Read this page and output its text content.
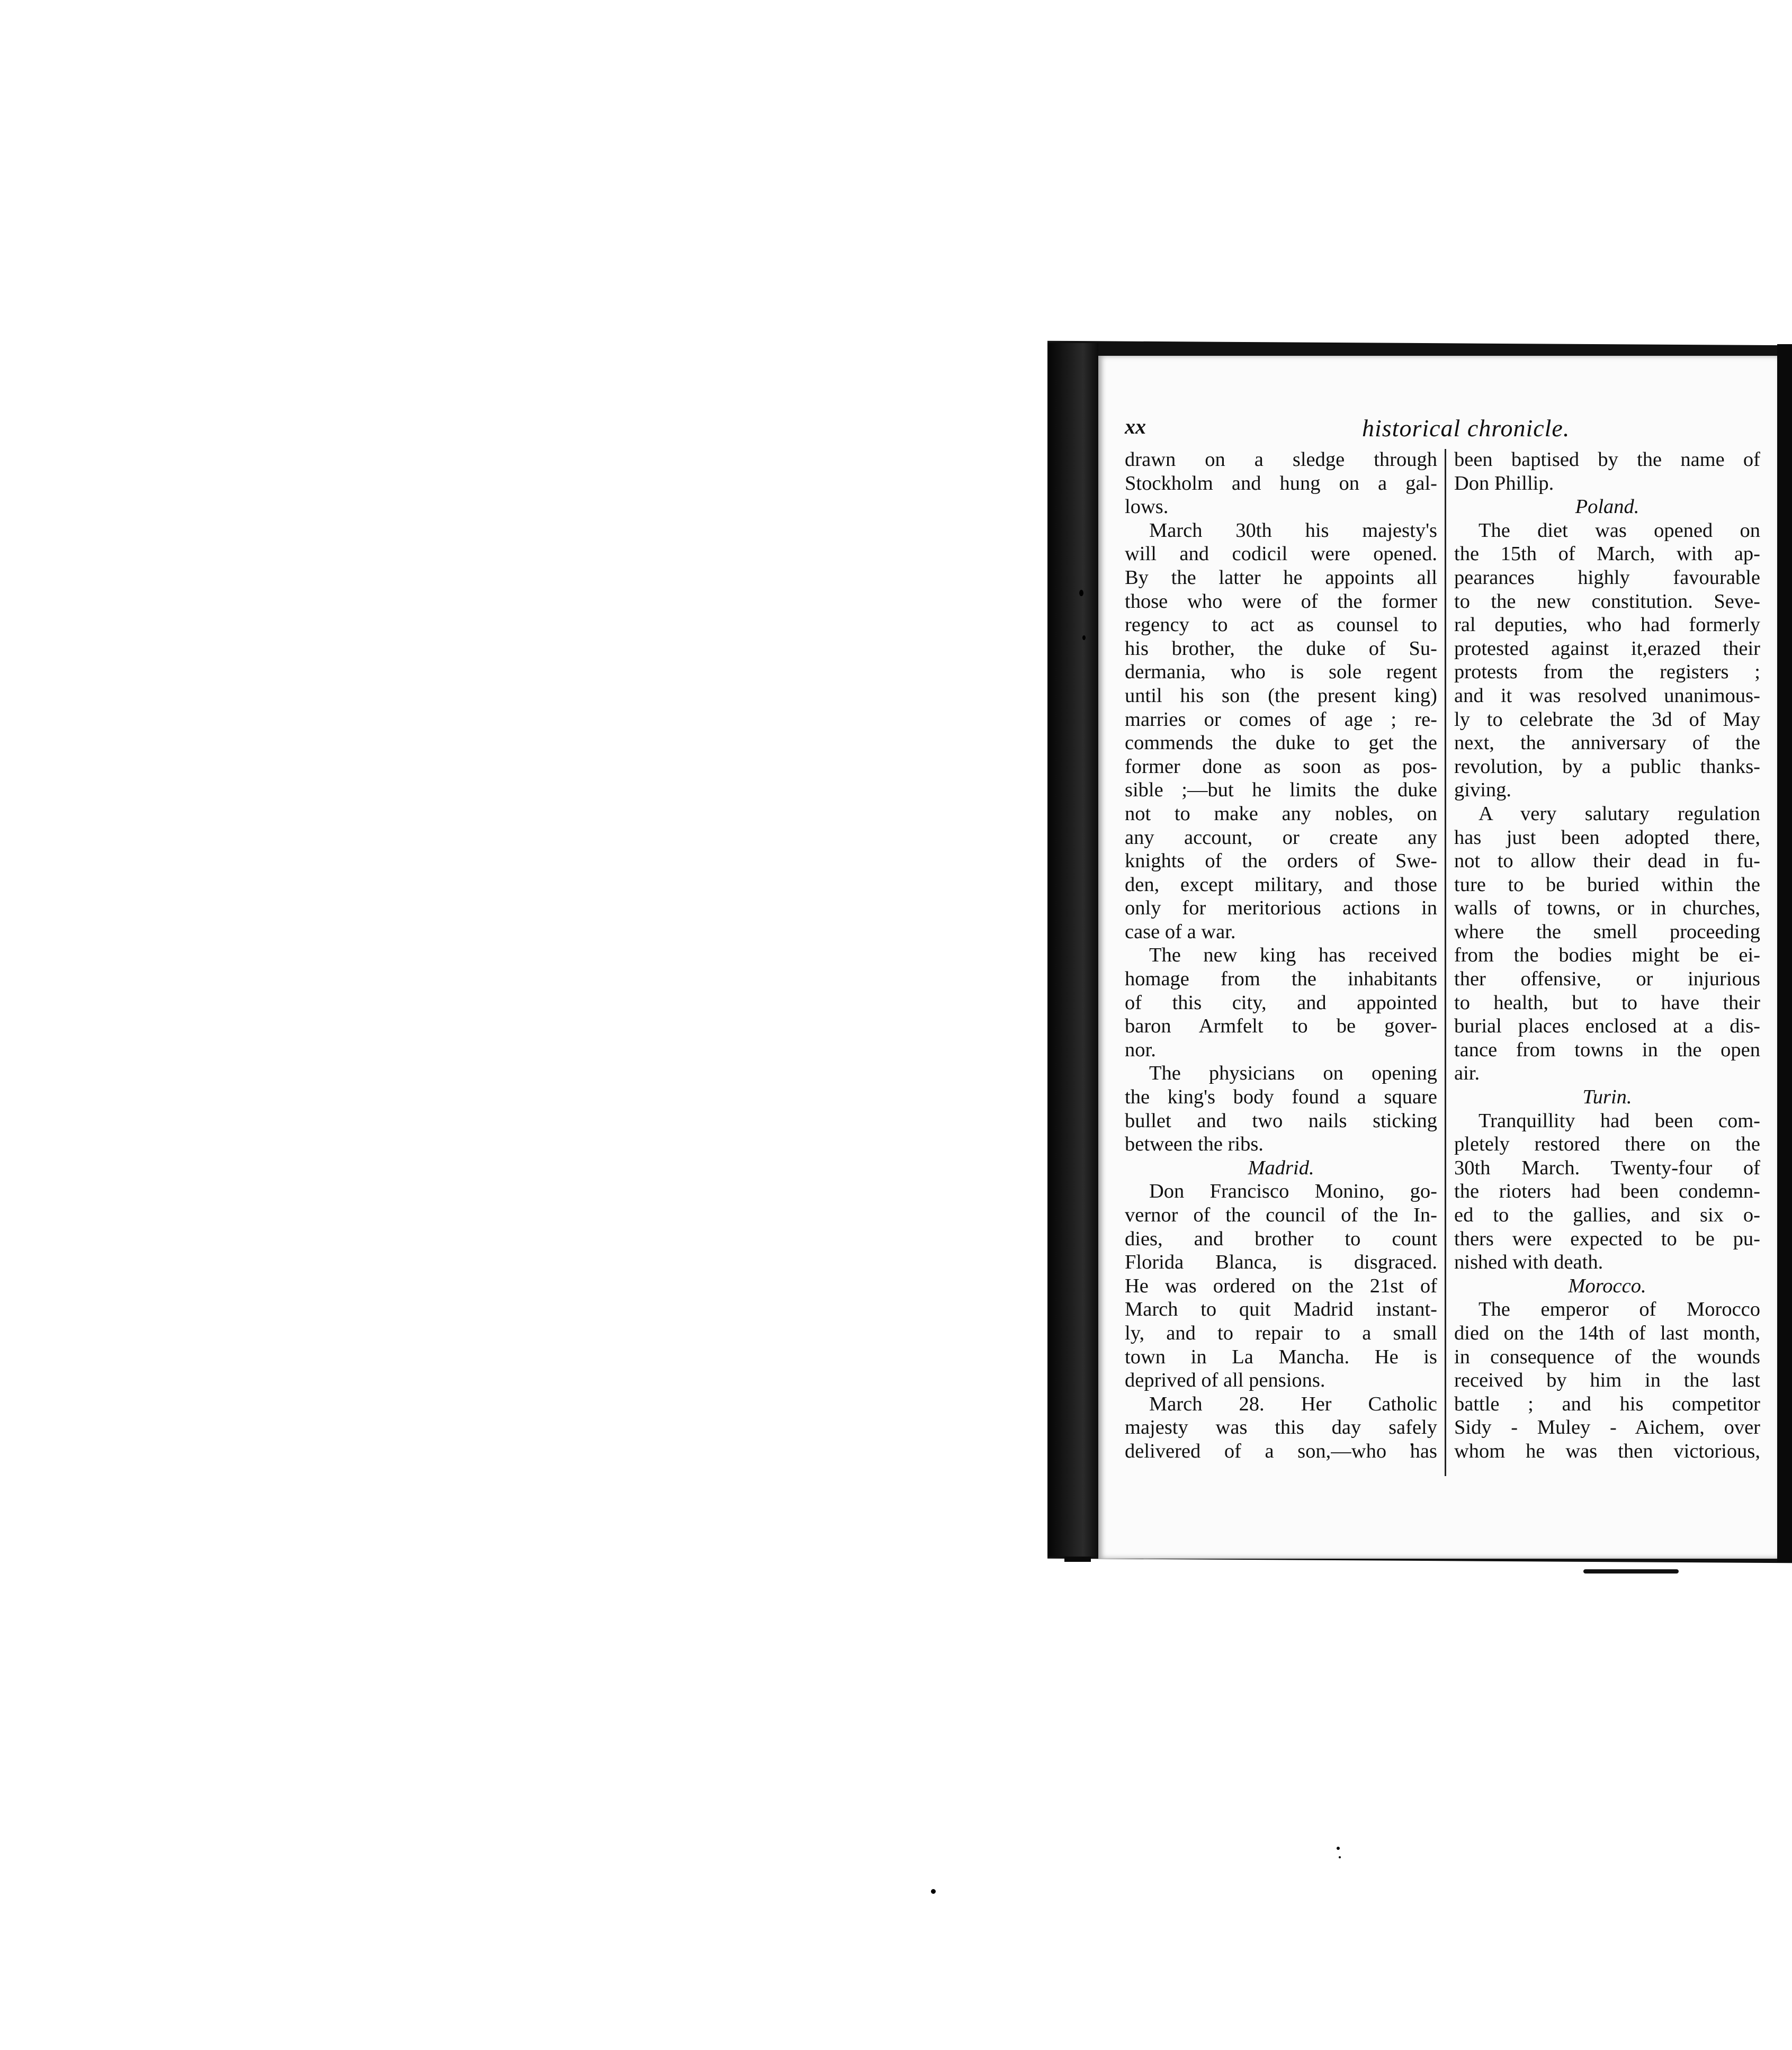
xx	historical chronicle.

drawn on a sledge through

Stockholm and hung on a gal-

lows.

March 30th his majesty's

will and codicil were opened.

By the latter he appoints all

those who were of the former

regency to act as counsel to

his brother, the duke of Su-

dermania, who is sole regent

until his son (the present king)

marries or comes of age ; re-

commends the duke to get the

former done as soon as pos-

sible ;—but he limits the duke

not to make any nobles, on

any account, or create any

knights of the orders of Swe-

den, except military, and those

only for meritorious actions in

case of a war.

The new king has received

homage from the inhabitants

of this city, and appointed

baron Armfelt to be gover-

nor.

The physicians on opening

the king's body found a square

bullet and two nails sticking

between the ribs.

Madrid.

Don Francisco Monino, go-

vernor of the council of the In-

dies, and brother to count

Florida Blanca, is disgraced.

He was ordered on the 21st of

March to quit Madrid instant-

ly, and to repair to a small

town in La Mancha. He is

deprived of all pensions.

March 28. Her Catholic

majesty was this day safely

delivered of a son,—who has

been baptised by the name of

Don Phillip.

Poland.

The diet was opened on

the 15th of March, with ap-

pearances highly favourable

to the new constitution. Seve-

ral deputies, who had formerly

protested against it,erazed their

protests from the registers ;

and it was resolved unanimous-

ly to celebrate the 3d of May

next, the anniversary of the

revolution, by a public thanks-

giving.

A very salutary regulation

has just been adopted there,

not to allow their dead in fu-

ture to be buried within the

walls of towns, or in churches,

where the smell proceeding

from the bodies might be ei-

ther offensive, or injurious

to health, but to have their

burial places enclosed at a dis-

tance from towns in the open

air.

Turin.

Tranquillity had been com-

pletely restored there on the

30th March. Twenty-four of

the rioters had been condemn-

ed to the gallies, and six o-

thers were expected to be pu-

nished with death.

Morocco.

The emperor of Morocco

died on the 14th of last month,

in consequence of the wounds

received by him in the last

battle ; and his competitor

Sidy - Muley - Aichem, over

whom he was then victorious,
